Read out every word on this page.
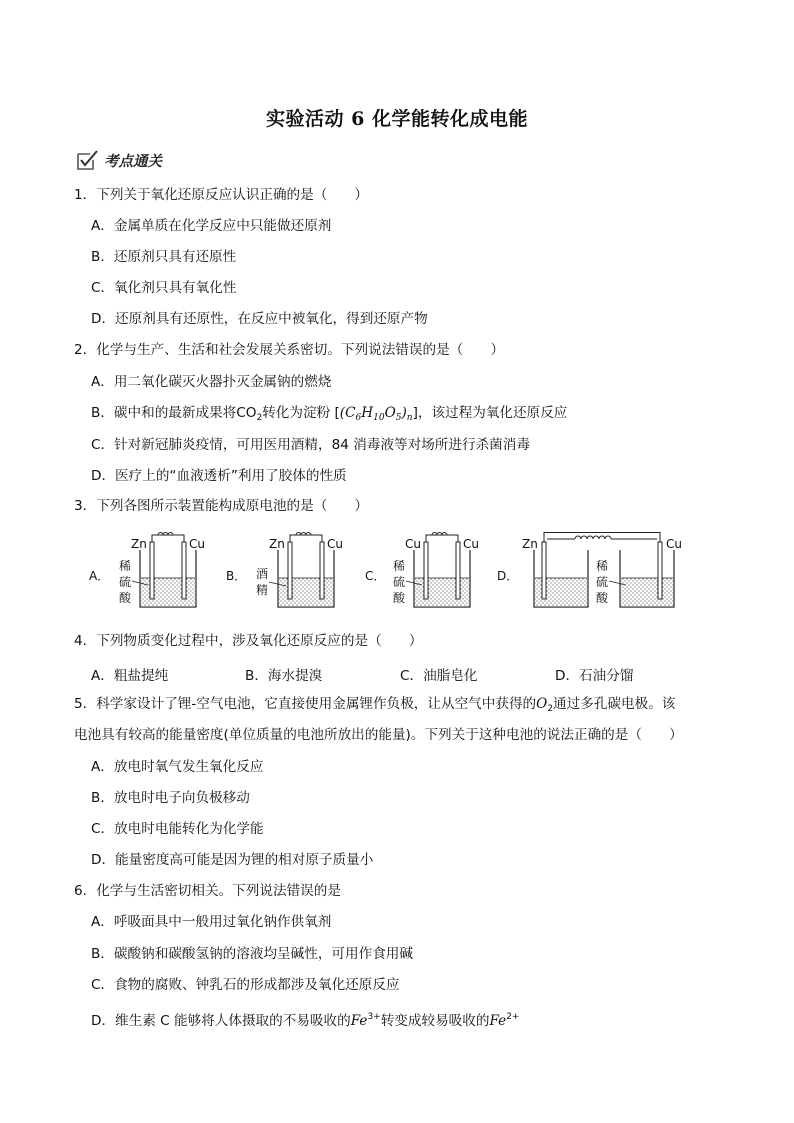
实验活动 6 化学能转化成电能
考点通关
1．下列关于氧化还原反应认识正确的是（　　）
A．金属单质在化学反应中只能做还原剂
B．还原剂只具有还原性
C．氧化剂只具有氧化性
D．还原剂具有还原性，在反应中被氧化，得到还原产物
2．化学与生产、生活和社会发展关系密切。下列说法错误的是（　　）
A．用二氧化碳灭火器扑灭金属钠的燃烧
B．碳中和的最新成果将$CO_2$转化为淀粉 $[(C_6H_{10}O_5)_n]$，该过程为氧化还原反应
C．针对新冠肺炎疫情，可用医用酒精，84 消毒液等对场所进行杀菌消毒
D．医疗上的“血液透析”利用了胶体的性质
3．下列各图所示装置能构成原电池的是（　　）
A．
Zn	Cu
稀
硫
酸
B．
Zn	Cu
酒
精
C．
Cu	Cu
稀
硫
酸
D．
Zn	Cu
稀
硫
酸
4．下列物质变化过程中，涉及氧化还原反应的是（　　）
A．粗盐提纯	B．海水提溴	C．油脂皂化	D．石油分馏
5．科学家设计了锂-空气电池，它直接使用金属锂作负极，让从空气中获得的$O_2$通过多孔碳电极。该
电池具有较高的能量密度(单位质量的电池所放出的能量)。下列关于这种电池的说法正确的是（　　）
A．放电时氧气发生氧化反应
B．放电时电子向负极移动
C．放电时电能转化为化学能
D．能量密度高可能是因为锂的相对原子质量小
6．化学与生活密切相关。下列说法错误的是
A．呼吸面具中一般用过氧化钠作供氧剂
B．碳酸钠和碳酸氢钠的溶液均呈碱性，可用作食用碱
C．食物的腐败、钟乳石的形成都涉及氧化还原反应
D．维生素 C 能够将人体摄取的不易吸收的$Fe^{3+}$转变成较易吸收的$Fe^{2+}$
